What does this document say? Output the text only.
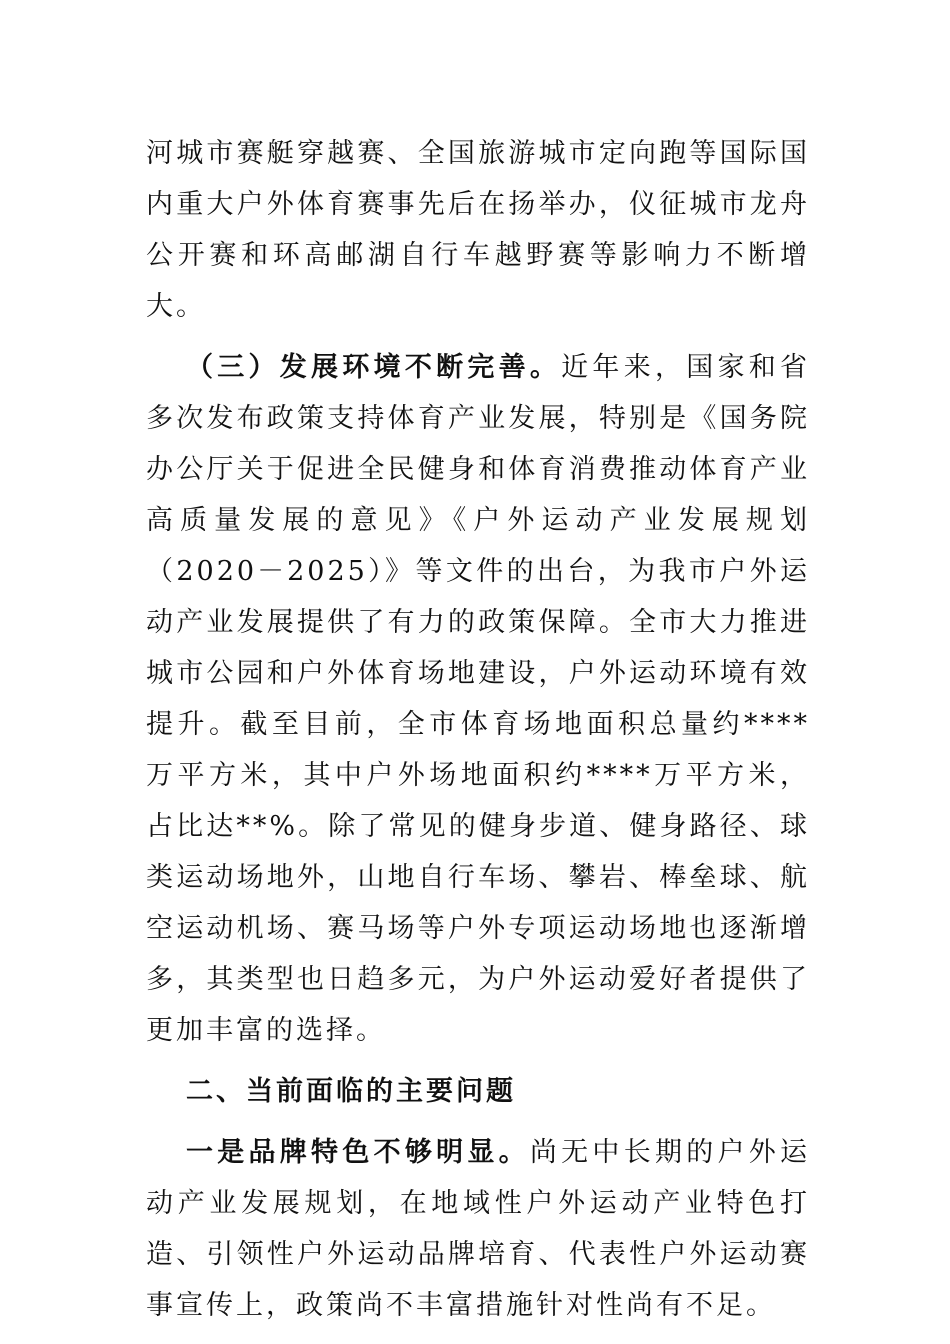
河城市赛艇穿越赛、全国旅游城市定向跑等国际国内重大户外体育赛事先后在扬举办，仪征城市龙舟公开赛和环高邮湖自行车越野赛等影响力不断增大。

（三）发展环境不断完善。近年来，国家和省多次发布政策支持体育产业发展，特别是《国务院办公厅关于促进全民健身和体育消费推动体育产业高质量发展的意见》《户外运动产业发展规划（2020－2025）》等文件的出台，为我市户外运动产业发展提供了有力的政策保障。全市大力推进城市公园和户外体育场地建设，户外运动环境有效提升。截至目前，全市体育场地面积总量约****万平方米，其中户外场地面积约****万平方米，占比达**%。除了常见的健身步道、健身路径、球类运动场地外，山地自行车场、攀岩、棒垒球、航空运动机场、赛马场等户外专项运动场地也逐渐增多，其类型也日趋多元，为户外运动爱好者提供了更加丰富的选择。

二、当前面临的主要问题

一是品牌特色不够明显。尚无中长期的户外运动产业发展规划，在地域性户外运动产业特色打造、引领性户外运动品牌培育、代表性户外运动赛事宣传上，政策尚不丰富措施针对性尚有不足。
